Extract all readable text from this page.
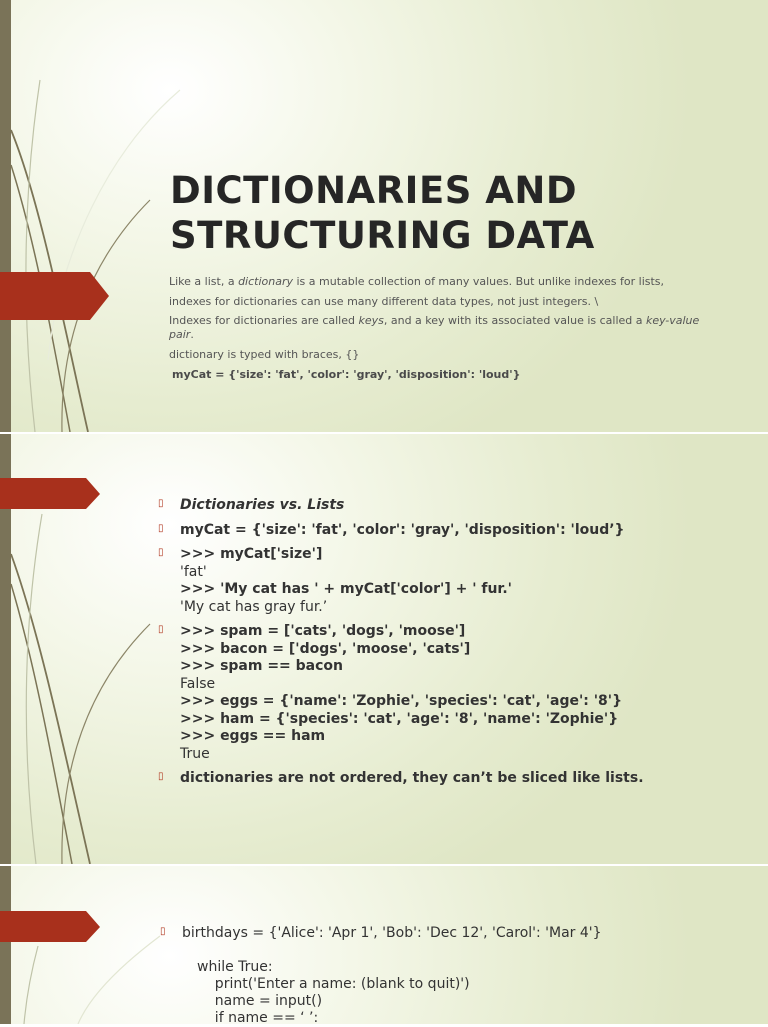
DICTIONARIES AND
STRUCTURING DATA

Like a list, a dictionary is a mutable collection of many values. But unlike indexes for lists,

indexes for dictionaries can use many different data types, not just integers. \

Indexes for dictionaries are called keys, and a key with its associated value is called a key-value pair.

dictionary is typed with braces, {}

myCat = {'size': 'fat', 'color': 'gray', 'disposition': 'loud'}

▯ Dictionaries vs. Lists
▯ myCat = {'size': 'fat', 'color': 'gray', 'disposition': 'loud’}
▯ >>> myCat['size']
'fat'
>>> 'My cat has ' + myCat['color'] + ' fur.'
'My cat has gray fur.’
▯ >>> spam = ['cats', 'dogs', 'moose']
>>> bacon = ['dogs', 'moose', 'cats']
>>> spam == bacon
False
>>> eggs = {'name': 'Zophie', 'species': 'cat', 'age': '8'}
>>> ham = {'species': 'cat', 'age': '8', 'name': 'Zophie'}
>>> eggs == ham
True
▯ dictionaries are not ordered, they can’t be sliced like lists.
▯ birthdays = {'Alice': 'Apr 1', 'Bob': 'Dec 12', 'Carol': 'Mar 4'}
while True:
print('Enter a name: (blank to quit)')
name = input()
if name == ‘ ’:
